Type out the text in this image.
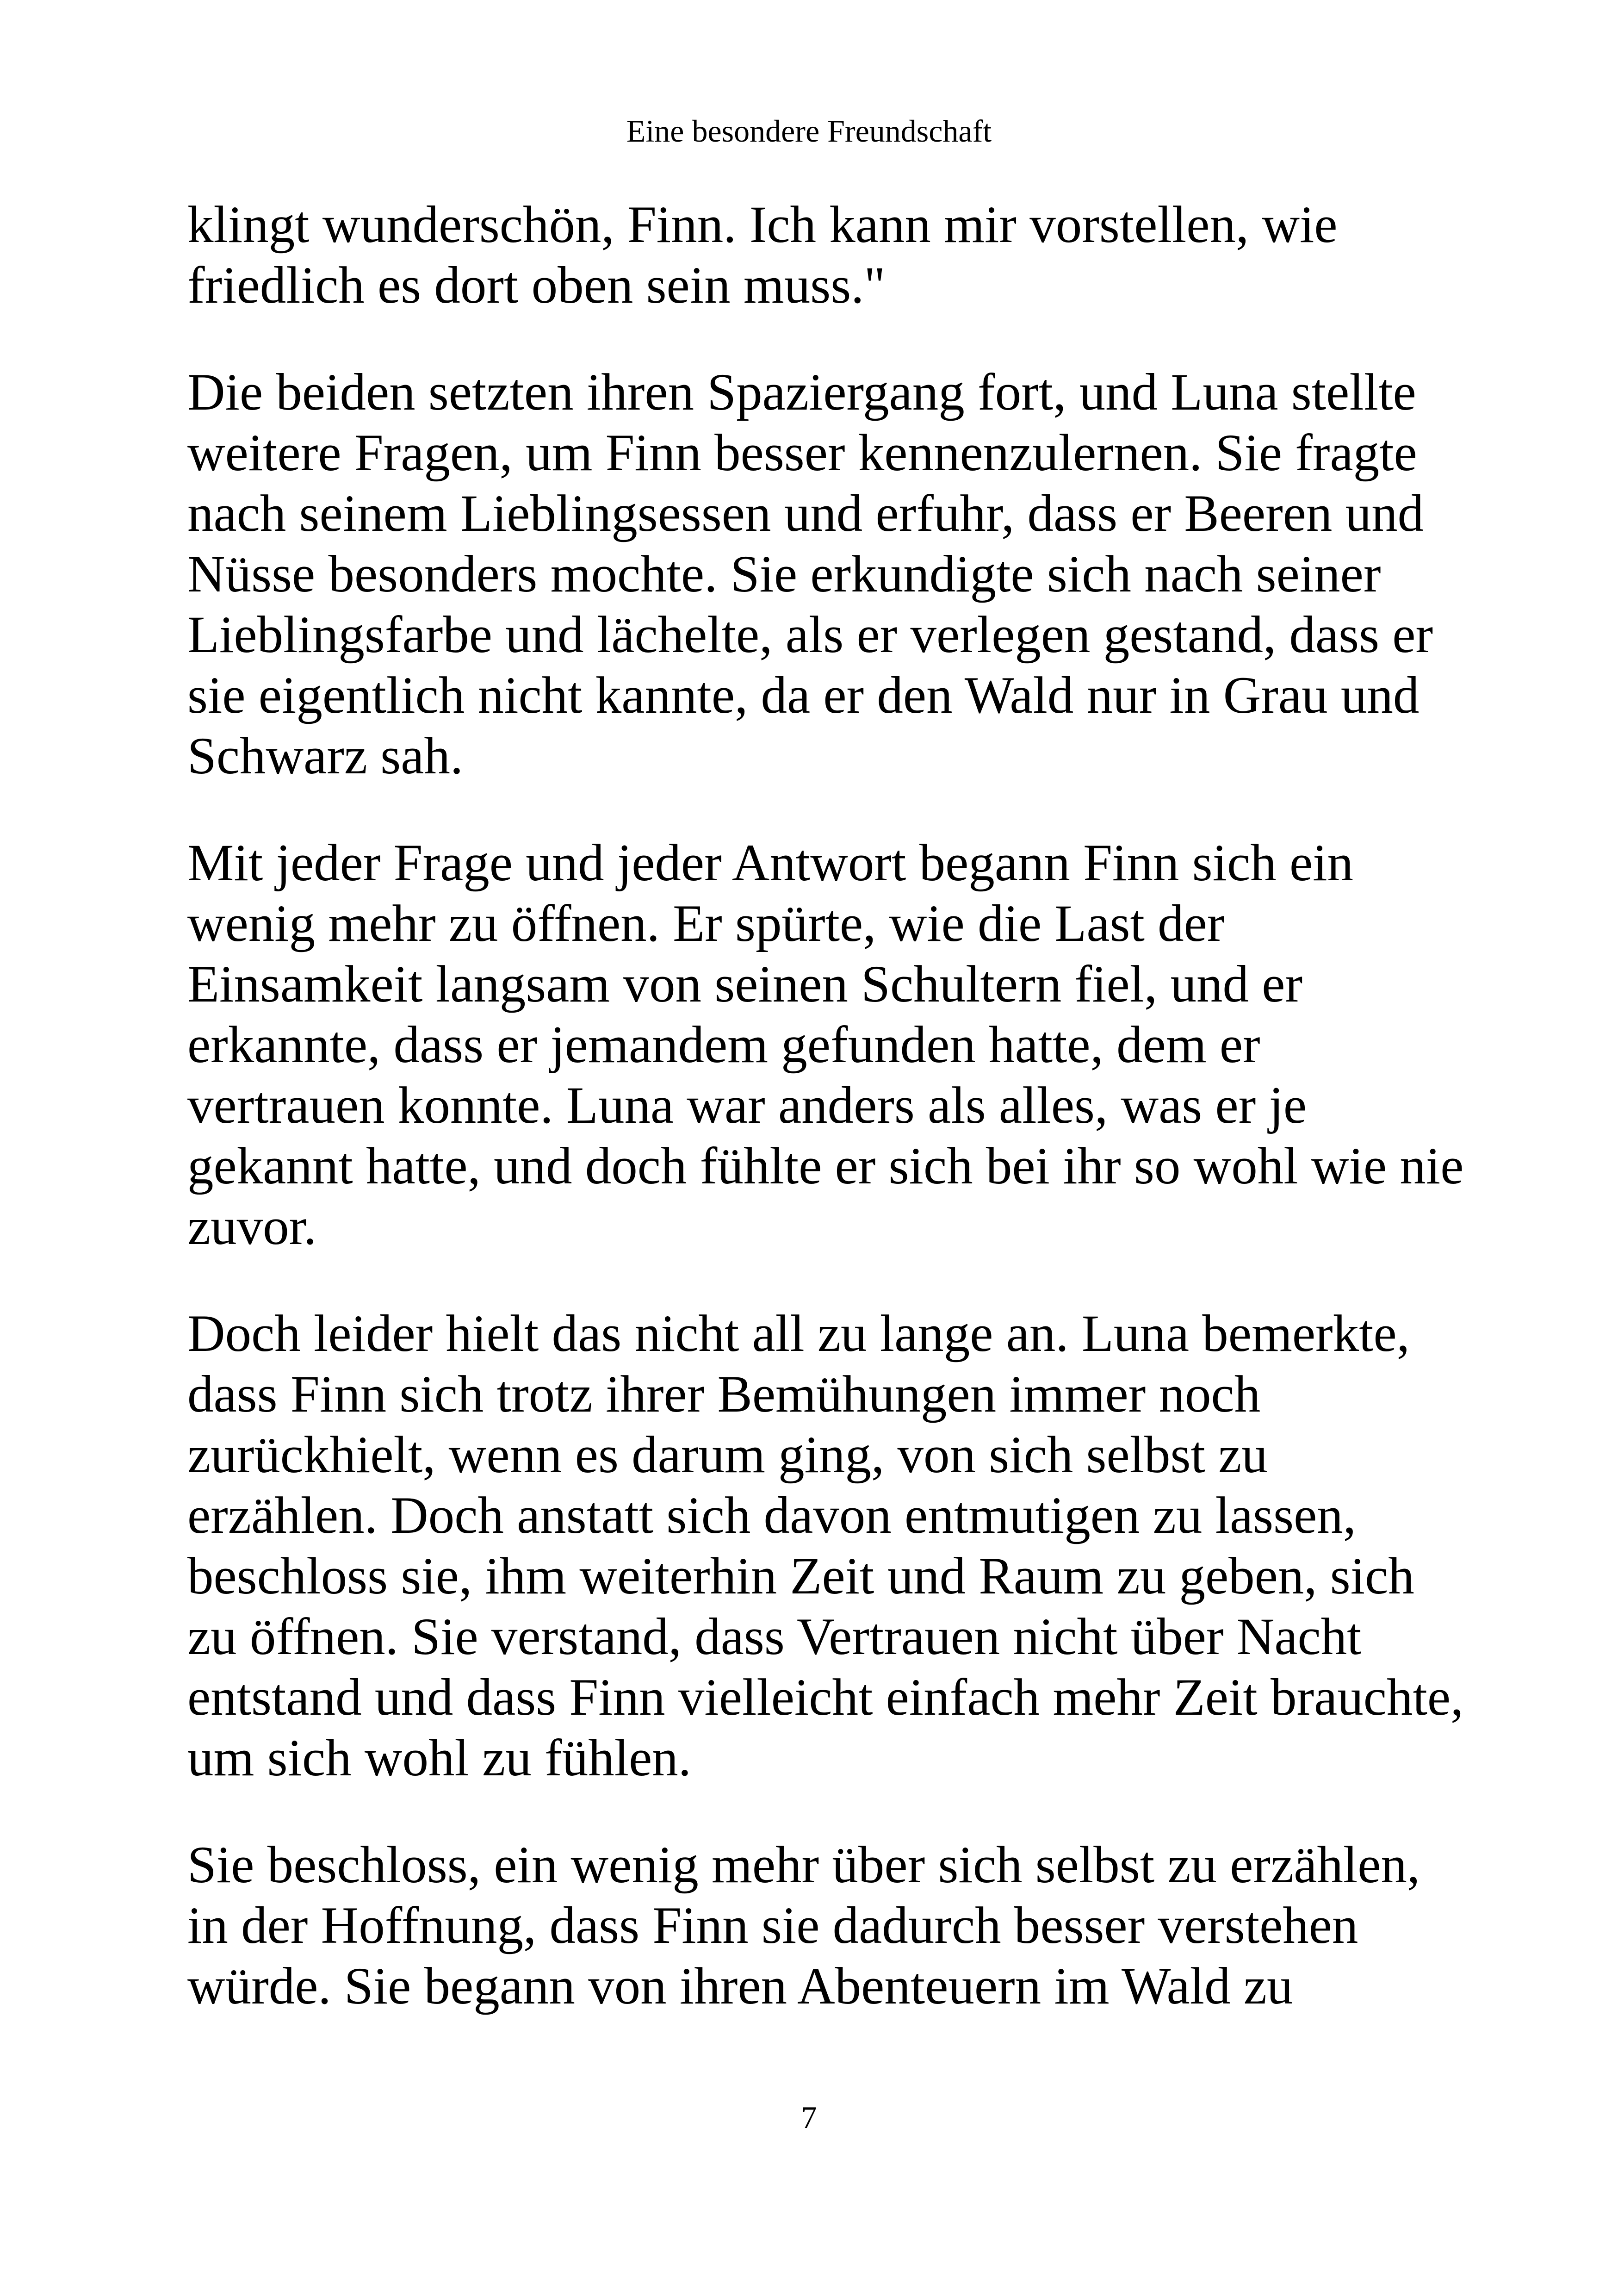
Eine besondere Freundschaft

klingt wunderschön, Finn. Ich kann mir vorstellen, wie friedlich es dort oben sein muss."

Die beiden setzten ihren Spaziergang fort, und Luna stellte weitere Fragen, um Finn besser kennenzulernen. Sie fragte nach seinem Lieblingsessen und erfuhr, dass er Beeren und Nüsse besonders mochte. Sie erkundigte sich nach seiner Lieblingsfarbe und lächelte, als er verlegen gestand, dass er sie eigentlich nicht kannte, da er den Wald nur in Grau und Schwarz sah.

Mit jeder Frage und jeder Antwort begann Finn sich ein wenig mehr zu öffnen. Er spürte, wie die Last der Einsamkeit langsam von seinen Schultern fiel, und er erkannte, dass er jemandem gefunden hatte, dem er vertrauen konnte. Luna war anders als alles, was er je gekannt hatte, und doch fühlte er sich bei ihr so wohl wie nie zuvor.

Doch leider hielt das nicht all zu lange an. Luna bemerkte, dass Finn sich trotz ihrer Bemühungen immer noch zurückhielt, wenn es darum ging, von sich selbst zu erzählen. Doch anstatt sich davon entmutigen zu lassen, beschloss sie, ihm weiterhin Zeit und Raum zu geben, sich zu öffnen. Sie verstand, dass Vertrauen nicht über Nacht entstand und dass Finn vielleicht einfach mehr Zeit brauchte, um sich wohl zu fühlen.

Sie beschloss, ein wenig mehr über sich selbst zu erzählen, in der Hoffnung, dass Finn sie dadurch besser verstehen würde. Sie begann von ihren Abenteuern im Wald zu

7
